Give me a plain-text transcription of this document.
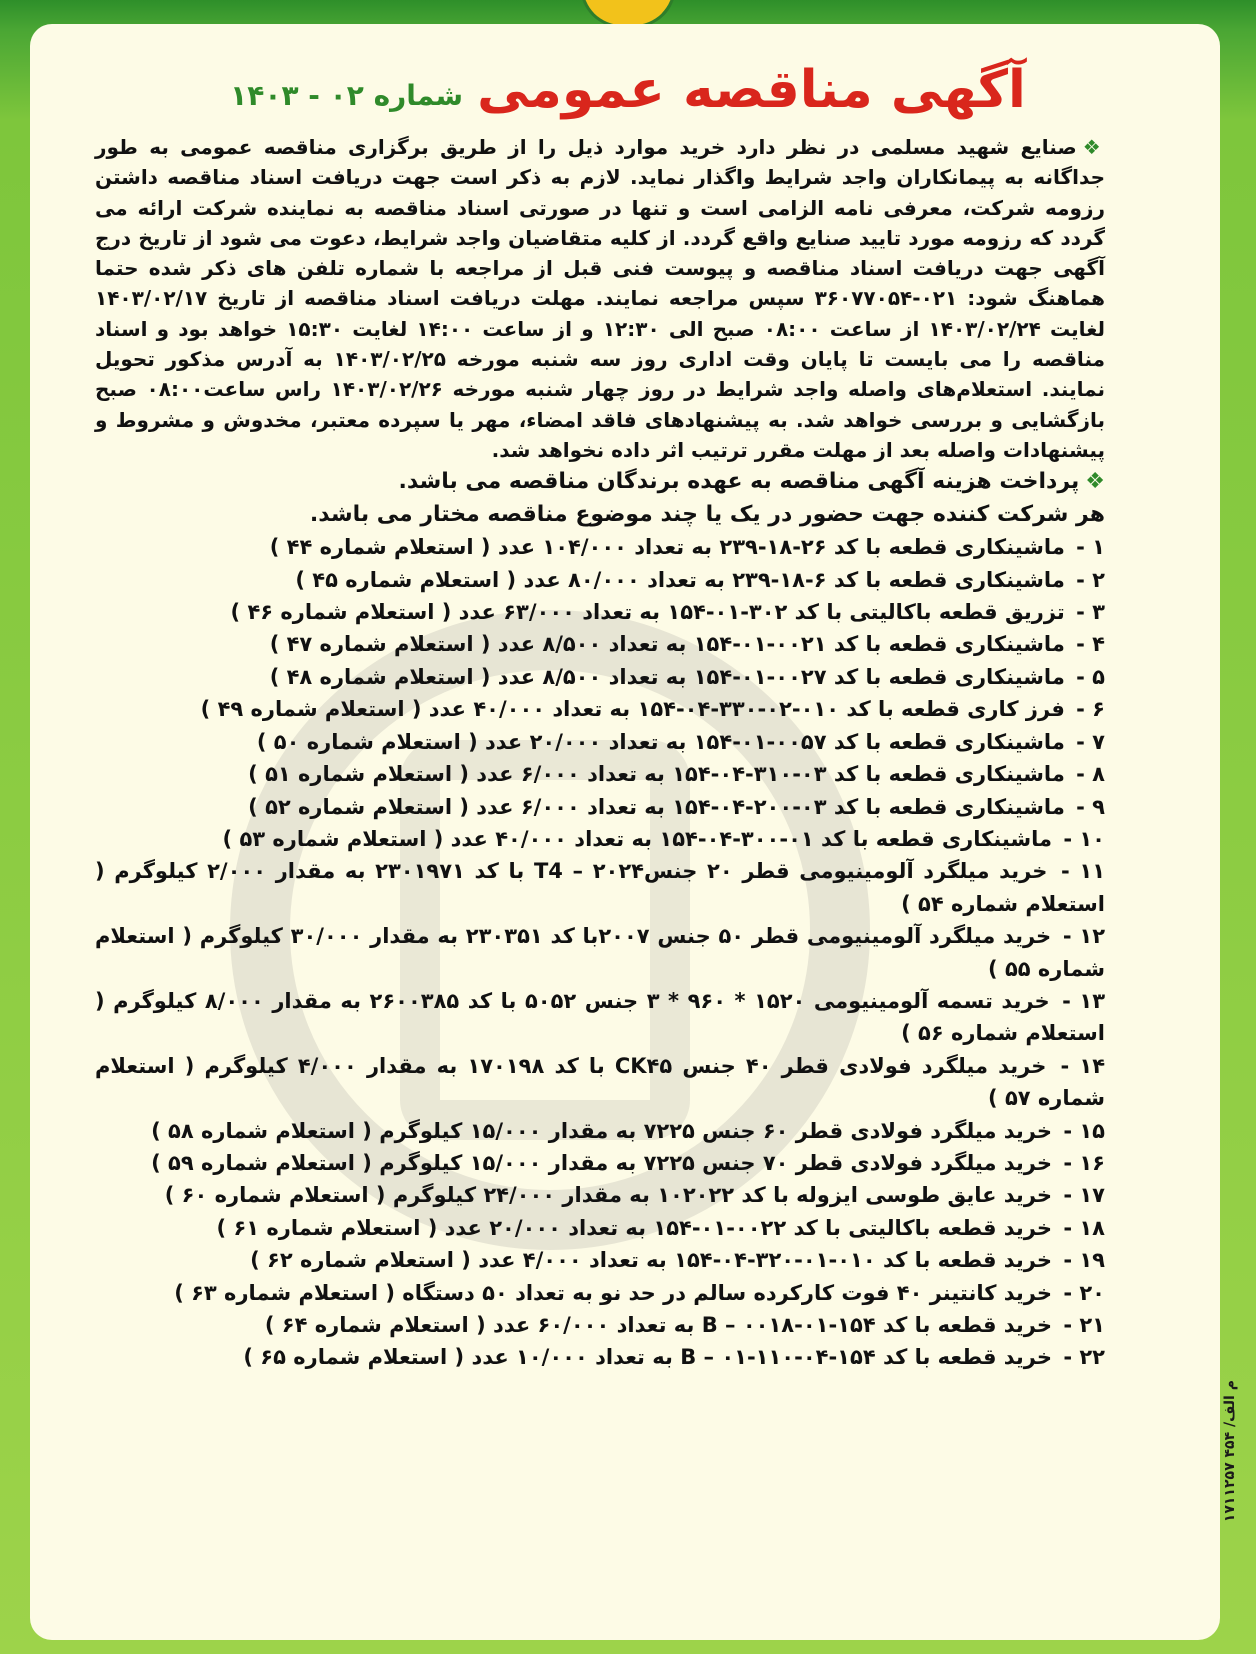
آگهی مناقصه عمومی
شماره ۰۲ - ۱۴۰۳

❖صنایع شهید مسلمی در نظر دارد خرید موارد ذیل را از طریق برگزاری مناقصه عمومی به طور جداگانه به پیمانکاران واجد شرایط واگذار نماید. لازم به ذکر است جهت دریافت اسناد مناقصه داشتن رزومه شرکت، معرفی نامه الزامی است و تنها در صورتی اسناد مناقصه به نماینده شرکت ارائه می گردد که رزومه مورد تایید صنایع واقع گردد. از کلیه متقاضیان واجد شرایط، دعوت می شود از تاریخ درج آگهی جهت دریافت اسناد مناقصه و پیوست فنی قبل از مراجعه با شماره تلفن های ذکر شده حتما هماهنگ شود: ۰۲۱-۳۶۰۷۷۰۵۴ سپس مراجعه نمایند. مهلت دریافت اسناد مناقصه از تاریخ ۱۴۰۳/۰۲/۱۷ لغایت ۱۴۰۳/۰۲/۲۴ از ساعت ۰۸:۰۰ صبح الی ۱۲:۳۰ و از ساعت ۱۴:۰۰ لغایت ۱۵:۳۰ خواهد بود و اسناد مناقصه را می بایست تا پایان وقت اداری روز سه شنبه مورخه ۱۴۰۳/۰۲/۲۵ به آدرس مذکور تحویل نمایند. استعلام‌های واصله واجد شرایط در روز چهار شنبه مورخه ۱۴۰۳/۰۲/۲۶ راس ساعت۰۸:۰۰ صبح بازگشایی و بررسی خواهد شد. به پیشنهادهای فاقد امضاء، مهر یا سپرده معتبر، مخدوش و مشروط و پیشنهادات واصله بعد از مهلت مقرر ترتیب اثر داده نخواهد شد.

❖پرداخت هزینه آگهی مناقصه به عهده برندگان مناقصه می باشد.

هر شرکت کننده جهت حضور در یک یا چند موضوع مناقصه مختار می باشد.

۱ - ماشینکاری قطعه با کد ۲۶-۱۸-۲۳۹ به تعداد ۱۰۴/۰۰۰ عدد ( استعلام شماره ۴۴ )
۲ - ماشینکاری قطعه با کد ۶-۱۸-۲۳۹ به تعداد ۸۰/۰۰۰ عدد ( استعلام شماره ۴۵ )
۳ - تزریق قطعه باکالیتی با کد ۳۰۲-۰۱-۱۵۴ به تعداد ۶۳/۰۰۰ عدد ( استعلام شماره ۴۶ )
۴ - ماشینکاری قطعه با کد ۰۰۲۱-۰۱-۱۵۴ به تعداد ۸/۵۰۰ عدد ( استعلام شماره ۴۷ )
۵ - ماشینکاری قطعه با کد ۰۰۲۷-۰۱-۱۵۴ به تعداد ۸/۵۰۰ عدد ( استعلام شماره ۴۸ )
۶ - فرز کاری قطعه با کد ۰۱۰-۰۲-۳۳۰-۰۴-۱۵۴ به تعداد ۴۰/۰۰۰ عدد ( استعلام شماره ۴۹ )
۷ - ماشینکاری قطعه با کد ۰۰۵۷-۰۱-۱۵۴ به تعداد ۲۰/۰۰۰ عدد ( استعلام شماره ۵۰ )
۸ - ماشینکاری قطعه با کد ۰۳-۳۱۰-۰۴-۱۵۴ به تعداد ۶/۰۰۰ عدد ( استعلام شماره ۵۱ )
۹ - ماشینکاری قطعه با کد ۰۳-۲۰۰-۰۴-۱۵۴ به تعداد ۶/۰۰۰ عدد ( استعلام شماره ۵۲ )
۱۰ - ماشینکاری قطعه با کد ۰۱-۳۰۰-۰۴-۱۵۴ به تعداد ۴۰/۰۰۰ عدد ( استعلام شماره ۵۳ )
۱۱ - خرید میلگرد آلومینیومی قطر ۲۰ جنس۲۰۲۴ – T4 با کد ۲۳۰۱۹۷۱ به مقدار ۲/۰۰۰ کیلوگرم ( استعلام شماره ۵۴ )
۱۲ - خرید میلگرد آلومینیومی قطر ۵۰ جنس ۲۰۰۷با کد ۲۳۰۳۵۱ به مقدار ۳۰/۰۰۰ کیلوگرم ( استعلام شماره ۵۵ )
۱۳ - خرید تسمه آلومینیومی ۱۵۲۰ * ۹۶۰ * ۳ جنس ۵۰۵۲ با کد ۲۶۰۰۳۸۵ به مقدار ۸/۰۰۰ کیلوگرم ( استعلام شماره ۵۶ )
۱۴ - خرید میلگرد فولادی قطر ۴۰ جنس CK۴۵ با کد ۱۷۰۱۹۸ به مقدار ۴/۰۰۰ کیلوگرم ( استعلام شماره ۵۷ )
۱۵ - خرید میلگرد فولادی قطر ۶۰ جنس ۷۲۲۵ به مقدار ۱۵/۰۰۰ کیلوگرم ( استعلام شماره ۵۸ )
۱۶ - خرید میلگرد فولادی قطر ۷۰ جنس ۷۲۲۵ به مقدار ۱۵/۰۰۰ کیلوگرم ( استعلام شماره ۵۹ )
۱۷ - خرید عایق طوسی ایزوله با کد ۱۰۲۰۲۲ به مقدار ۲۴/۰۰۰ کیلوگرم ( استعلام شماره ۶۰ )
۱۸ - خرید قطعه باکالیتی با کد ۰۰۲۲-۰۱-۱۵۴ به تعداد ۲۰/۰۰۰ عدد ( استعلام شماره ۶۱ )
۱۹ - خرید قطعه با کد ۰۱۰-۰۱-۳۲۰-۰۴-۱۵۴ به تعداد ۴/۰۰۰ عدد ( استعلام شماره ۶۲ )
۲۰ - خرید کانتینر ۴۰ فوت کارکرده سالم در حد نو به تعداد ۵۰ دستگاه ( استعلام شماره ۶۳ )
۲۱ - خرید قطعه با کد B – ۰۰۱۸-۰۱-۱۵۴ به تعداد ۶۰/۰۰۰ عدد ( استعلام شماره ۶۴ )
۲۲ - خرید قطعه با کد B – ۰۱-۱۱۰-۰۴-۱۵۴ به تعداد ۱۰/۰۰۰ عدد ( استعلام شماره ۶۵ )
م الف/ ۴۵۴ ۱۷۱۱۲۵۷
